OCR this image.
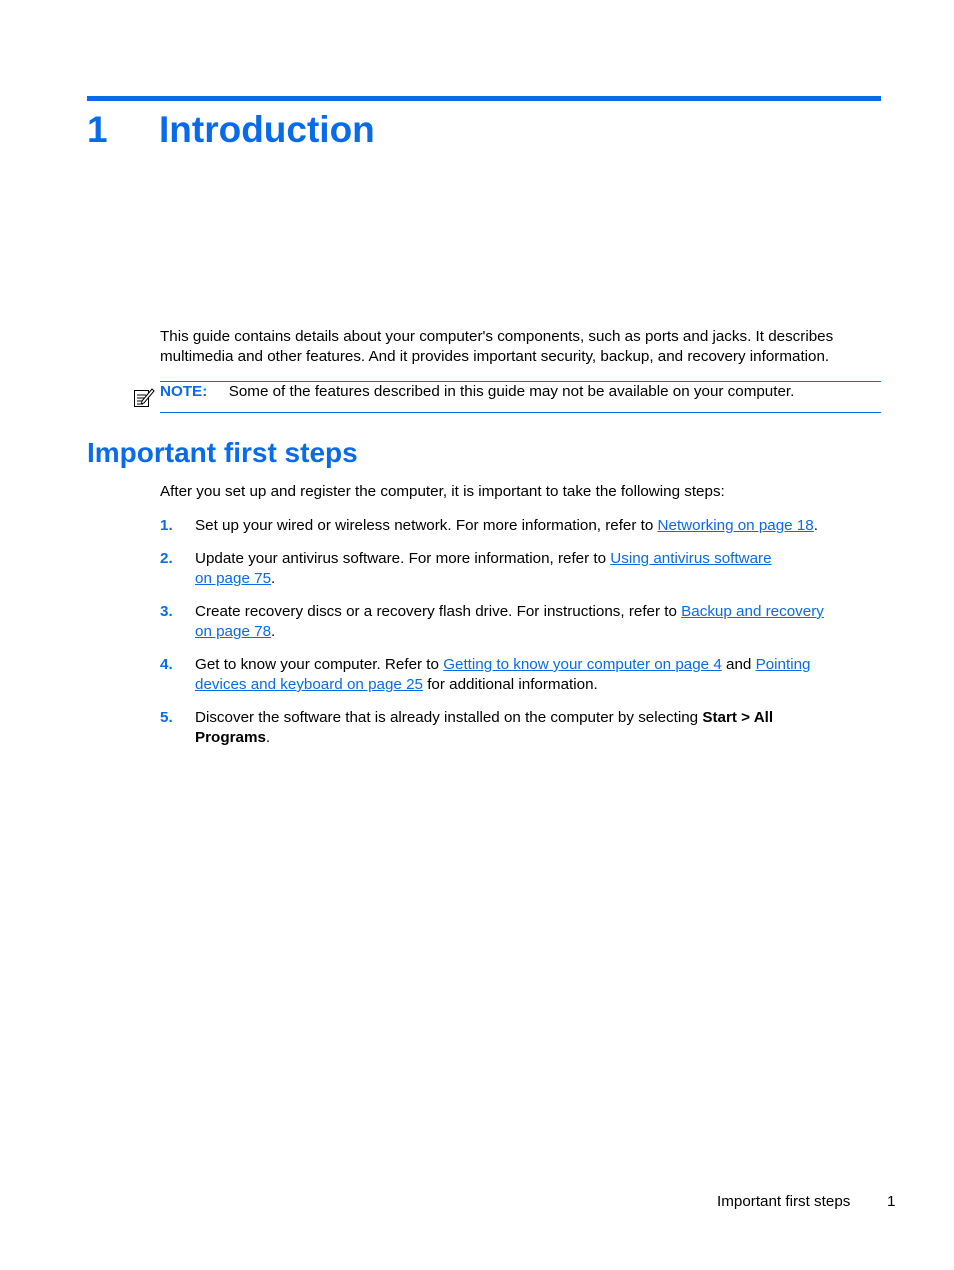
1 Introduction
This guide contains details about your computer's components, such as ports and jacks. It describes
multimedia and other features. And it provides important security, backup, and recovery information.
NOTE: Some of the features described in this guide may not be available on your computer.
Important first steps
After you set up and register the computer, it is important to take the following steps:
1. Set up your wired or wireless network. For more information, refer to Networking on page 18.
2. Update your antivirus software. For more information, refer to Using antivirus software
on page 75.
3. Create recovery discs or a recovery flash drive. For instructions, refer to Backup and recovery
on page 78.
4. Get to know your computer. Refer to Getting to know your computer on page 4 and Pointing
devices and keyboard on page 25 for additional information.
5. Discover the software that is already installed on the computer by selecting Start > All
Programs.
Important first steps 1
